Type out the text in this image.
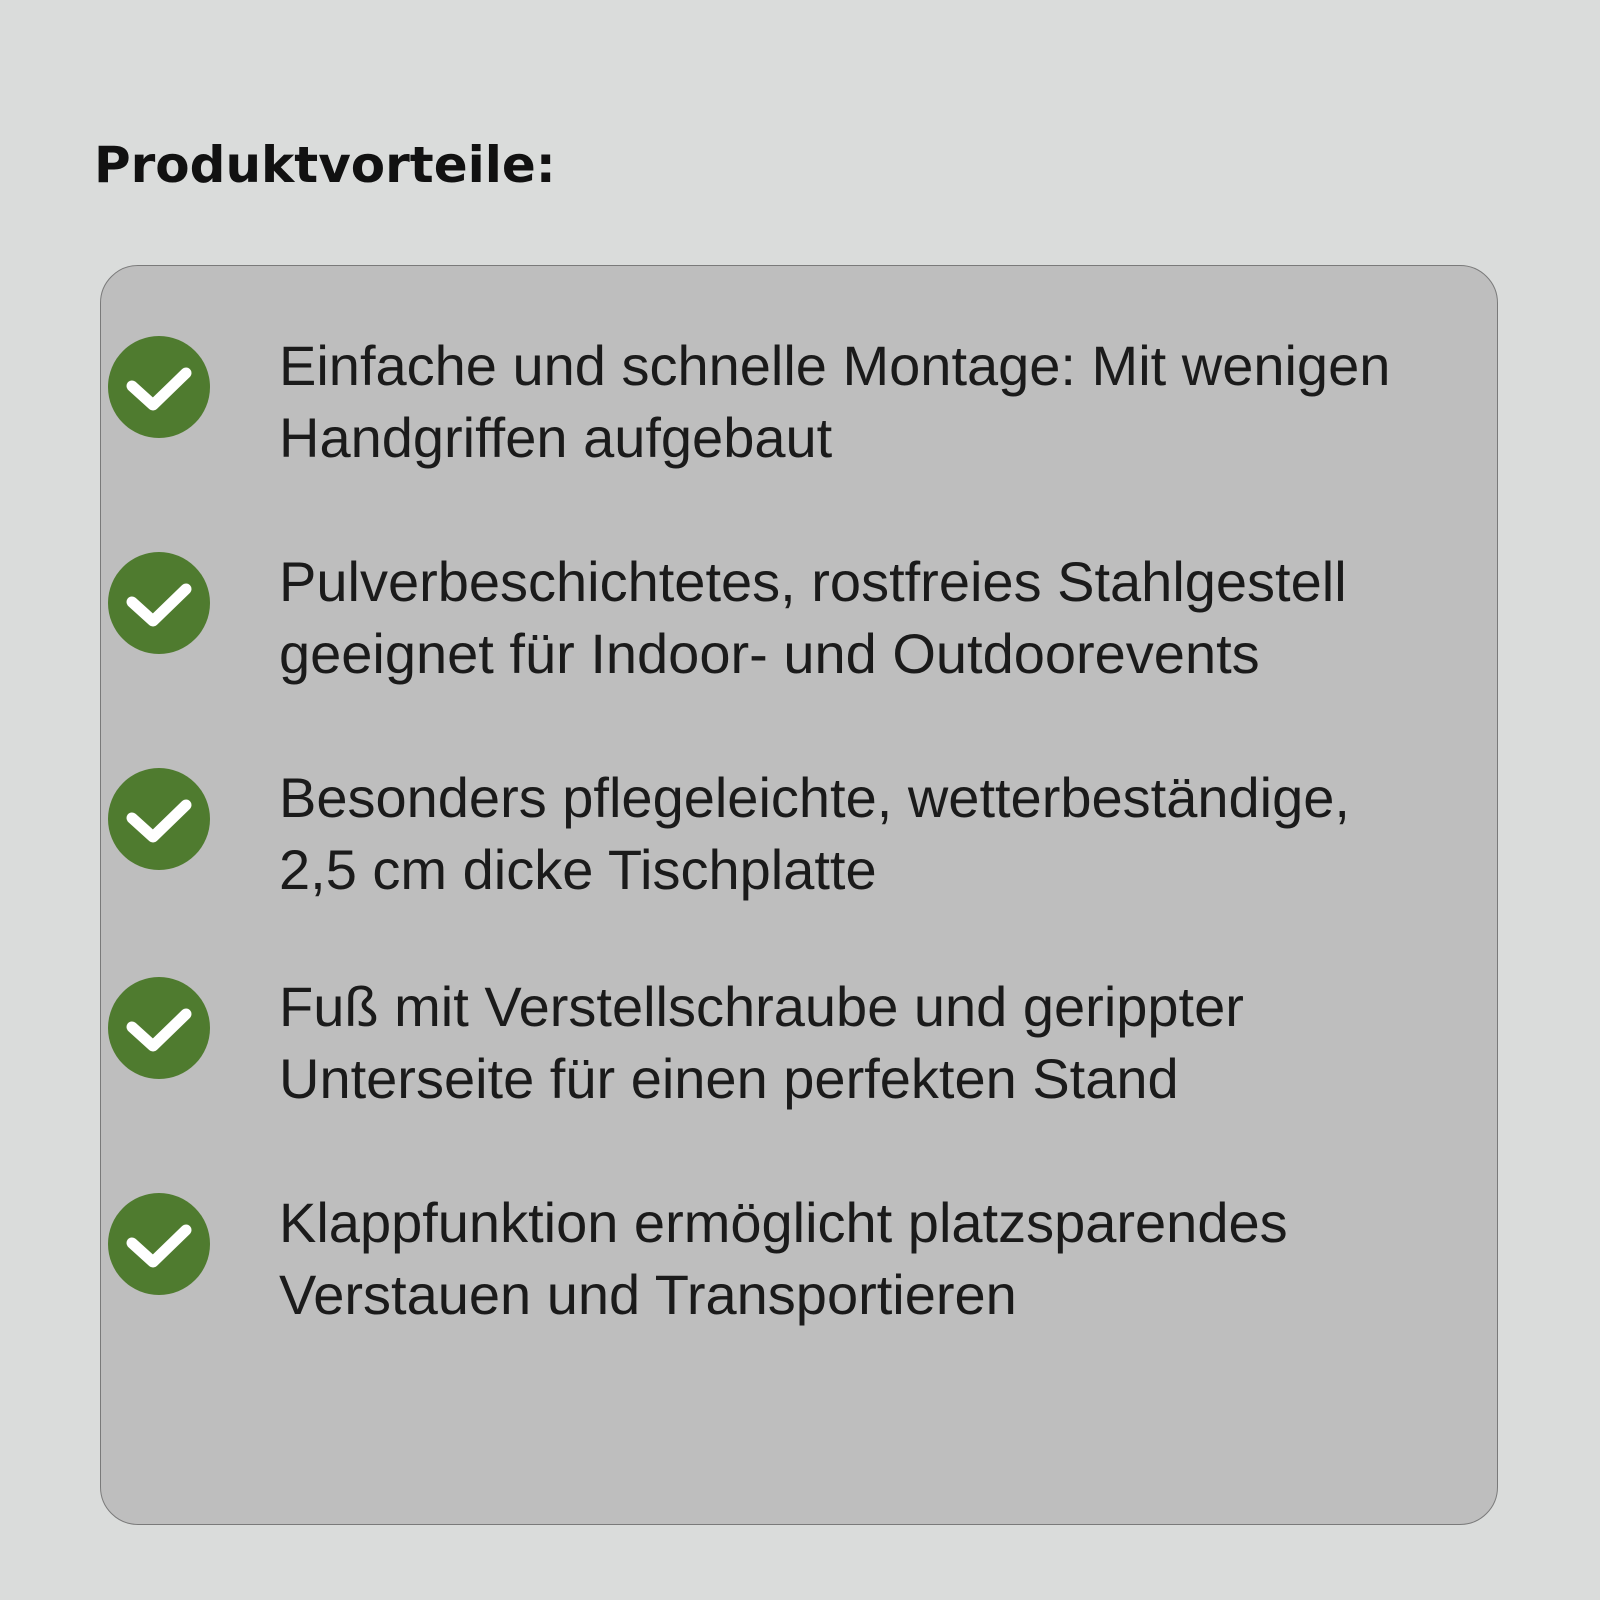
Produktvorteile:

Einfache und schnelle Montage: Mit wenigen
Handgriffen aufgebaut

Pulverbeschichtetes, rostfreies Stahlgestell
geeignet für Indoor- und Outdoorevents

Besonders pflegeleichte, wetterbeständige,
2,5 cm dicke Tischplatte

Fuß mit Verstellschraube und gerippter
Unterseite für einen perfekten Stand

Klappfunktion ermöglicht platzsparendes
Verstauen und Transportieren
